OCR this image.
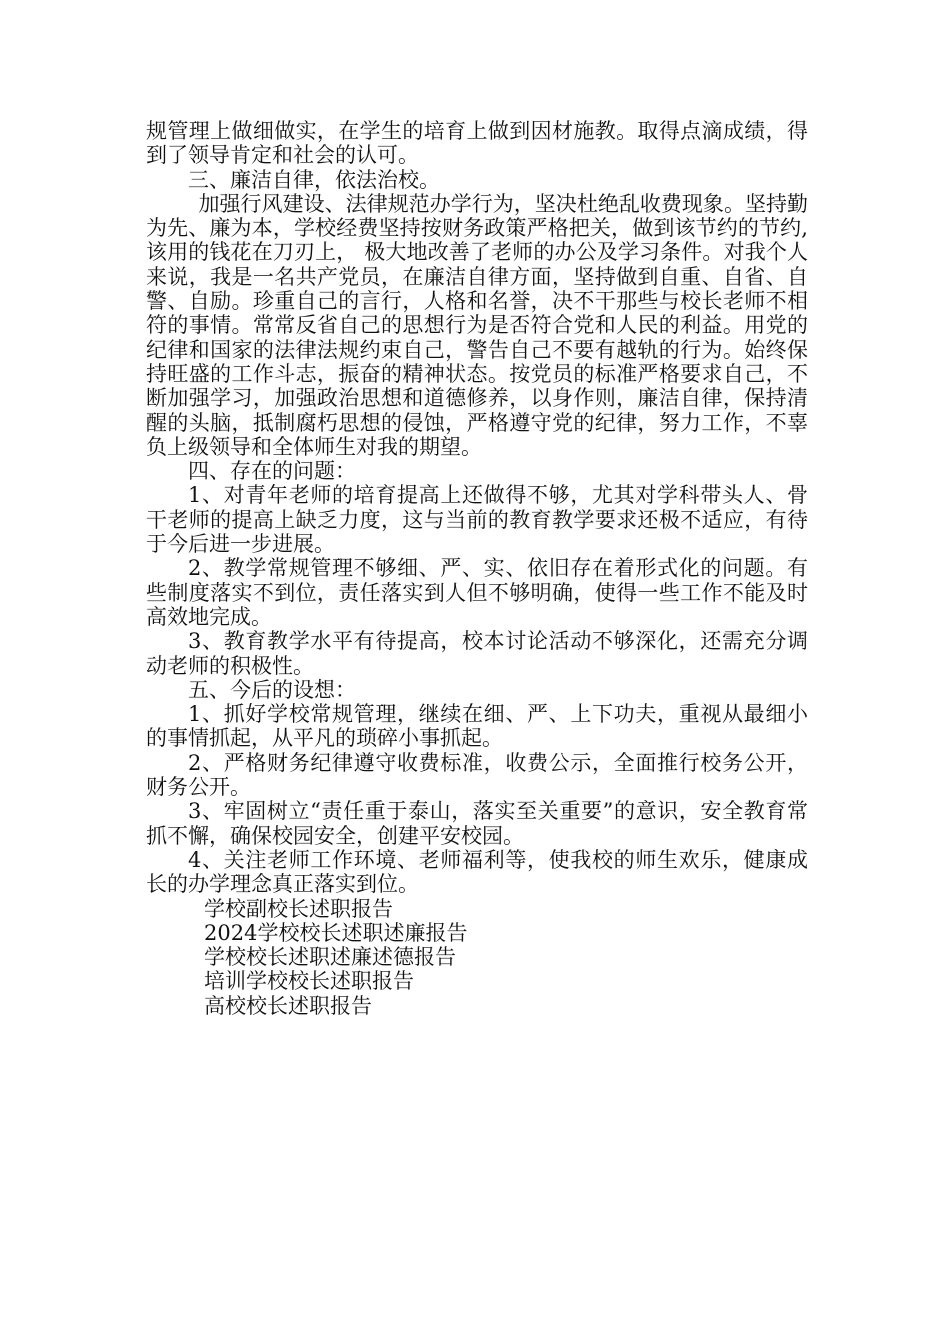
规管理上做细做实，在学生的培育上做到因材施教。取得点滴成绩，得到了领导肯定和社会的认可。

三、廉洁自律，依法治校。

加强行风建设、法律规范办学行为，坚决杜绝乱收费现象。坚持勤为先、廉为本，学校经费坚持按财务政策严格把关，做到该节约的节约,该用的钱花在刀刃上， 极大地改善了老师的办公及学习条件。对我个人来说，我是一名共产党员，在廉洁自律方面，坚持做到自重、自省、自警、自励。珍重自己的言行，人格和名誉，决不干那些与校长老师不相符的事情。常常反省自己的思想行为是否符合党和人民的利益。用党的纪律和国家的法律法规约束自己，警告自己不要有越轨的行为。始终保持旺盛的工作斗志，振奋的精神状态。按党员的标准严格要求自己，不断加强学习，加强政治思想和道德修养，以身作则，廉洁自律，保持清醒的头脑，抵制腐朽思想的侵蚀，严格遵守党的纪律，努力工作，不辜负上级领导和全体师生对我的期望。

四、存在的问题：

1、对青年老师的培育提高上还做得不够，尤其对学科带头人、骨干老师的提高上缺乏力度，这与当前的教育教学要求还极不适应，有待于今后进一步进展。

2、教学常规管理不够细、严、实、依旧存在着形式化的问题。有些制度落实不到位，责任落实到人但不够明确，使得一些工作不能及时高效地完成。

3、教育教学水平有待提高，校本讨论活动不够深化，还需充分调动老师的积极性。

五、今后的设想：

1、抓好学校常规管理，继续在细、严、上下功夫，重视从最细小的事情抓起，从平凡的琐碎小事抓起。

2、严格财务纪律遵守收费标准，收费公示，全面推行校务公开，财务公开。

3、牢固树立“责任重于泰山，落实至关重要”的意识，安全教育常抓不懈，确保校园安全，创建平安校园。

4、关注老师工作环境、老师福利等，使我校的师生欢乐，健康成长的办学理念真正落实到位。

学校副校长述职报告
2024学校校长述职述廉报告
学校校长述职述廉述德报告
培训学校校长述职报告
高校校长述职报告
